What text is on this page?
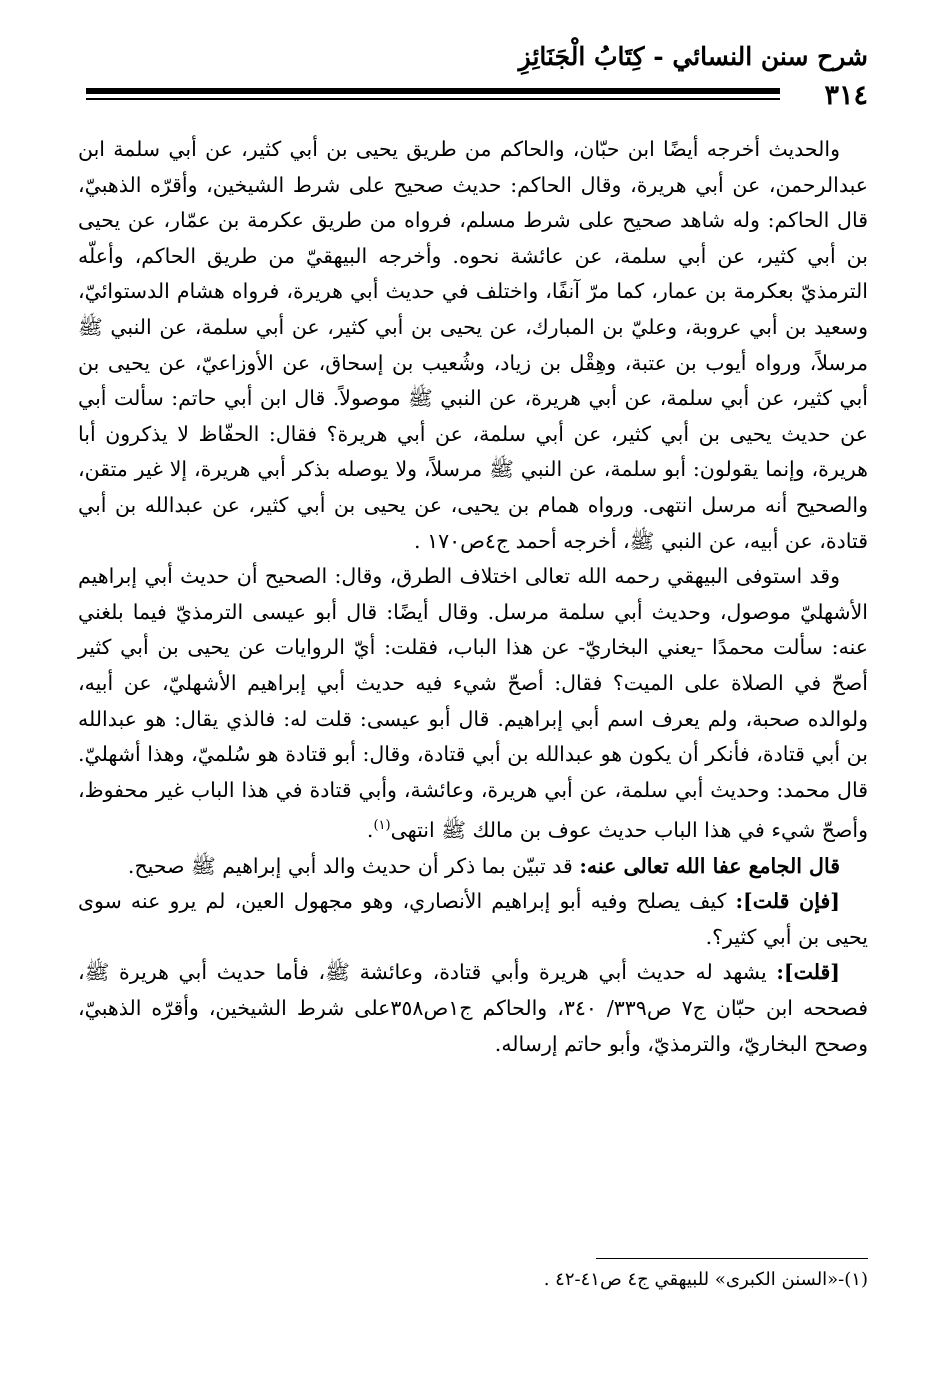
شرح سنن النسائي - كِتَابُ الْجَنَائِزِ
٣١٤

والحديث أخرجه أيضًا ابن حبّان، والحاكم من طريق يحيى بن أبي كثير، عن أبي سلمة ابن عبدالرحمن، عن أبي هريرة، وقال الحاكم: حديث صحيح على شرط الشيخين، وأقرّه الذهبيّ، قال الحاكم: وله شاهد صحيح على شرط مسلم، فرواه من طريق عكرمة بن عمّار، عن يحيى بن أبي كثير، عن أبي سلمة، عن عائشة نحوه. وأخرجه البيهقيّ من طريق الحاكم، وأعلّه الترمذيّ بعكرمة بن عمار، كما مرّ آنفًا، واختلف في حديث أبي هريرة، فرواه هشام الدستوائيّ، وسعيد بن أبي عروبة، وعليّ بن المبارك، عن يحيى بن أبي كثير، عن أبي سلمة، عن النبي ﷺ مرسلاً، ورواه أيوب بن عتبة، وهِقْل بن زياد، وشُعيب بن إسحاق، عن الأوزاعيّ، عن يحيى بن أبي كثير، عن أبي سلمة، عن أبي هريرة، عن النبي ﷺ موصولاً. قال ابن أبي حاتم: سألت أبي عن حديث يحيى بن أبي كثير، عن أبي سلمة، عن أبي هريرة؟ فقال: الحفّاظ لا يذكرون أبا هريرة، وإنما يقولون: أبو سلمة، عن النبي ﷺ مرسلاً، ولا يوصله بذكر أبي هريرة، إلا غير متقن، والصحيح أنه مرسل انتهى. ورواه همام بن يحيى، عن يحيى بن أبي كثير، عن عبدالله بن أبي قتادة، عن أبيه، عن النبي ﷺ، أخرجه أحمد ج٤ص١٧٠ .

وقد استوفى البيهقي رحمه الله تعالى اختلاف الطرق، وقال: الصحيح أن حديث أبي إبراهيم الأشهليّ موصول، وحديث أبي سلمة مرسل. وقال أيضًا: قال أبو عيسى الترمذيّ فيما بلغني عنه: سألت محمدًا -يعني البخاريّ- عن هذا الباب، فقلت: أيّ الروايات عن يحيى بن أبي كثير أصحّ في الصلاة على الميت؟ فقال: أصحّ شيء فيه حديث أبي إبراهيم الأشهليّ، عن أبيه، ولوالده صحبة، ولم يعرف اسم أبي إبراهيم. قال أبو عيسى: قلت له: فالذي يقال: هو عبدالله بن أبي قتادة، فأنكر أن يكون هو عبدالله بن أبي قتادة، وقال: أبو قتادة هو سُلميّ، وهذا أشهليّ. قال محمد: وحديث أبي سلمة، عن أبي هريرة، وعائشة، وأبي قتادة في هذا الباب غير محفوظ، وأصحّ شيء في هذا الباب حديث عوف بن مالك ﷺ انتهى$^{(١)}$.

قال الجامع عفا الله تعالى عنه: قد تبيّن بما ذكر أن حديث والد أبي إبراهيم ﷺ صحيح.

[فإن قلت]: كيف يصلح وفيه أبو إبراهيم الأنصاري، وهو مجهول العين، لم يرو عنه سوى يحيى بن أبي كثير؟.

[قلت]: يشهد له حديث أبي هريرة وأبي قتادة، وعائشة ﷺ، فأما حديث أبي هريرة ﷺ، فصححه ابن حبّان ج٧ ص٣٣٩/ ٣٤٠، والحاكم ج١ص٣٥٨على شرط الشيخين، وأقرّه الذهبيّ، وصحح البخاريّ، والترمذيّ، وأبو حاتم إرساله.

(١)-«السنن الكبرى» للبيهقي ج٤ ص٤١-٤٢ .
